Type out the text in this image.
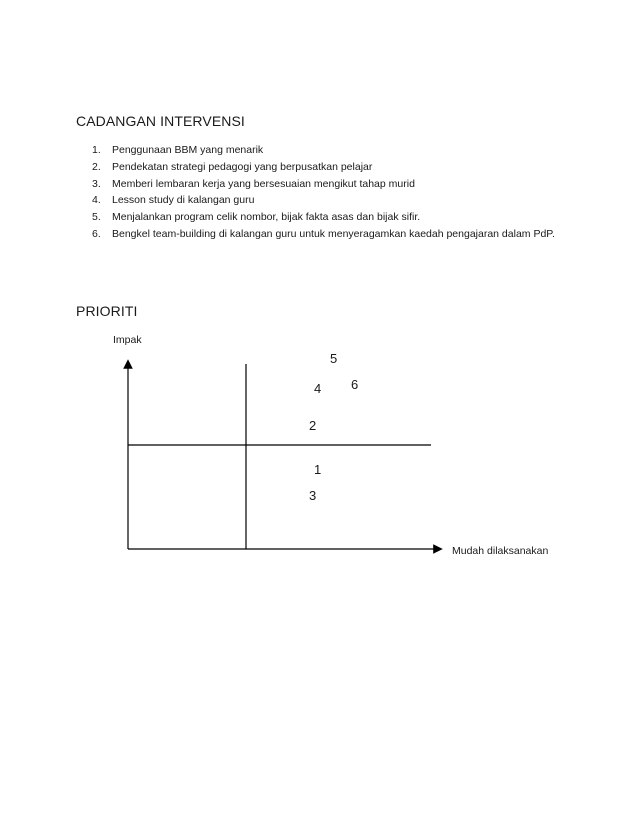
CADANGAN INTERVENSI
1.	Penggunaan BBM yang menarik
2.	Pendekatan strategi pedagogi yang berpusatkan pelajar
3.	Memberi lembaran kerja yang bersesuaian mengikut tahap murid
4.	Lesson study di kalangan guru
5.	Menjalankan program celik nombor, bijak fakta asas dan bijak sifir.
6.	Bengkel team-building di kalangan guru untuk menyeragamkan kaedah pengajaran dalam PdP.
PRIORITI
Impak
5
4 6
2
1
3
Mudah dilaksanakan
